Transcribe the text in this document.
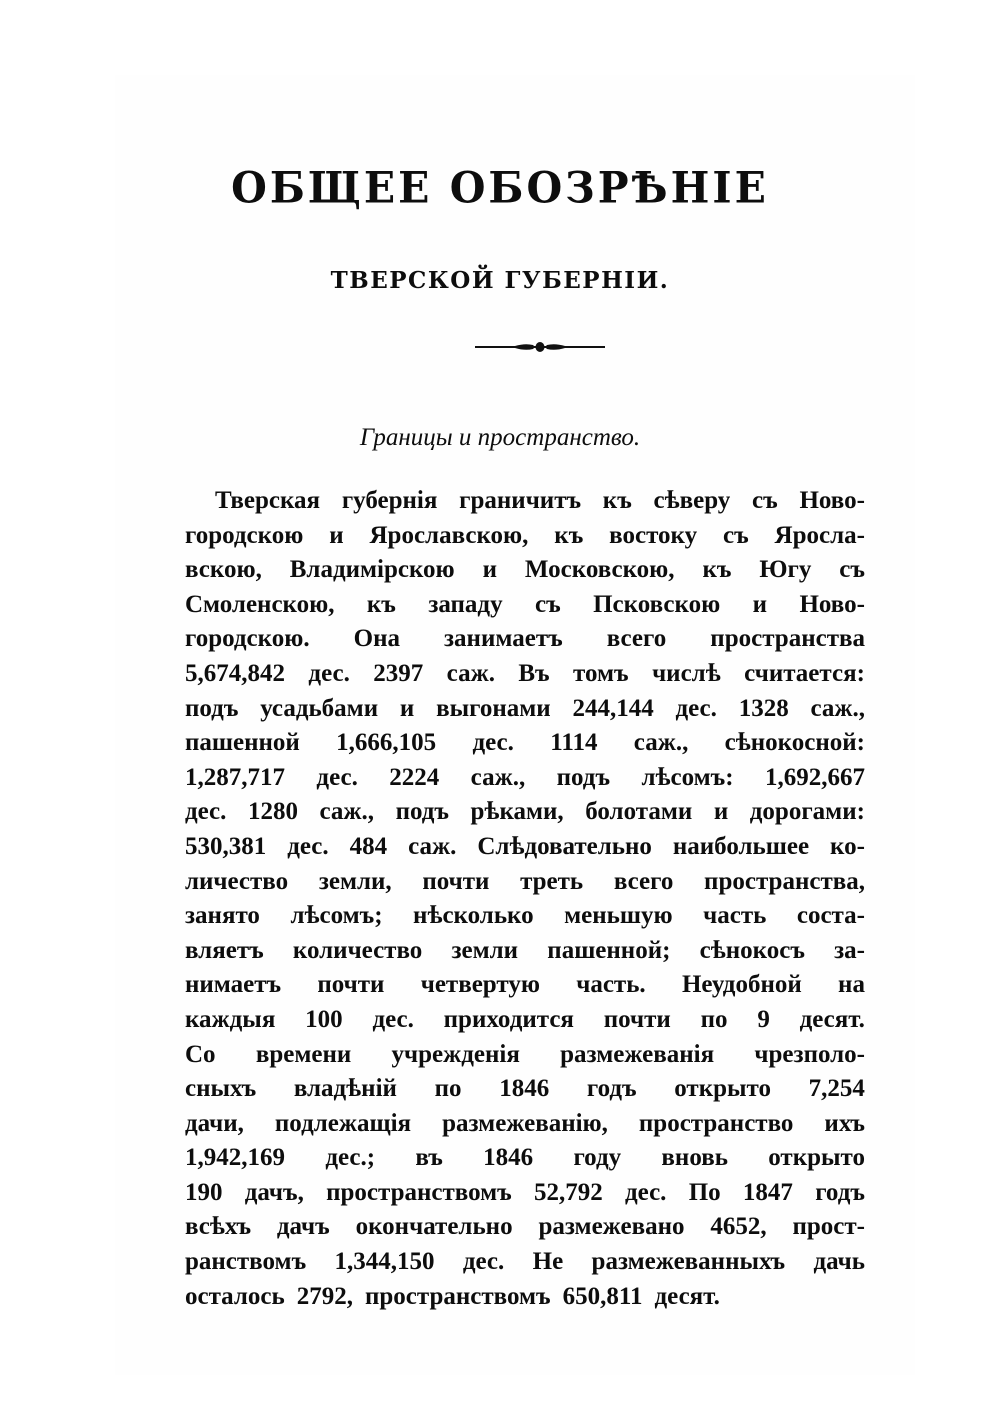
ОБЩЕЕ ОБОЗРѢНІЕ
ТВЕРСКОЙ ГУБЕРНІИ.
Границы и пространство.
Тверская губернія граничитъ къ сѣверу съ Ново-
городскою и Ярославскою, къ востоку съ Яросла-
вскою, Владимірскою и Московскою, къ Югу съ
Смоленскою, къ западу съ Псковскою и Ново-
городскою. Она занимаетъ всего пространства
5,674,842 дес. 2397 саж. Въ томъ числѣ считается:
подъ усадьбами и выгонами 244,144 дес. 1328 саж.,
пашенной 1,666,105 дес. 1114 саж., сѣнокосной:
1,287,717 дес. 2224 саж., подъ лѣсомъ: 1,692,667
дес. 1280 саж., подъ рѣками, болотами и дорогами:
530,381 дес. 484 саж. Слѣдовательно наибольшее ко-
личество земли, почти треть всего пространства,
занято лѣсомъ; нѣсколько меньшую часть соста-
вляетъ количество земли пашенной; сѣнокосъ за-
нимаетъ почти четвертую часть. Неудобной на
каждыя 100 дес. приходится почти по 9 десят.
Со времени учрежденія размежеванія чрезполо-
сныхъ владѣній по 1846 годъ открыто 7,254
дачи, подлежащія размежеванію, пространство ихъ
1,942,169 дес.; въ 1846 году вновь открыто
190 дачъ, пространствомъ 52,792 дес. По 1847 годъ
всѣхъ дачъ окончательно размежевано 4652, прост-
ранствомъ 1,344,150 дес. Не размежеванныхъ дачь
осталось 2792, пространствомъ 650,811 десят.
